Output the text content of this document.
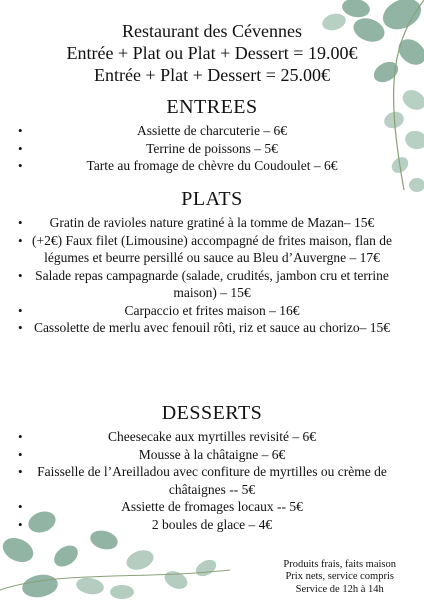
Restaurant des Cévennes
Entrée + Plat ou Plat + Dessert = 19.00€
Entrée + Plat + Dessert = 25.00€
ENTREES
• Assiette de charcuterie – 6€
• Terrine de poissons – 5€
• Tarte au fromage de chèvre du Coudoulet – 6€
PLATS
• Gratin de ravioles nature gratiné à la tomme de Mazan– 15€
• (+2€) Faux filet (Limousine) accompagné de frites maison, flan de légumes et beurre persillé ou sauce au Bleu d’Auvergne – 17€
• Salade repas campagnarde (salade, crudités, jambon cru et terrine maison) – 15€
• Carpaccio et frites maison – 16€
• Cassolette de merlu avec fenouil rôti, riz et sauce au chorizo– 15€
DESSERTS
• Cheesecake aux myrtilles revisité – 6€
• Mousse à la châtaigne – 6€
• Faisselle de l’Areilladou avec confiture de myrtilles ou crème de châtaignes -- 5€
• Assiette de fromages locaux -- 5€
• 2 boules de glace – 4€
Produits frais, faits maison
Prix nets, service compris
Service de 12h à 14h
